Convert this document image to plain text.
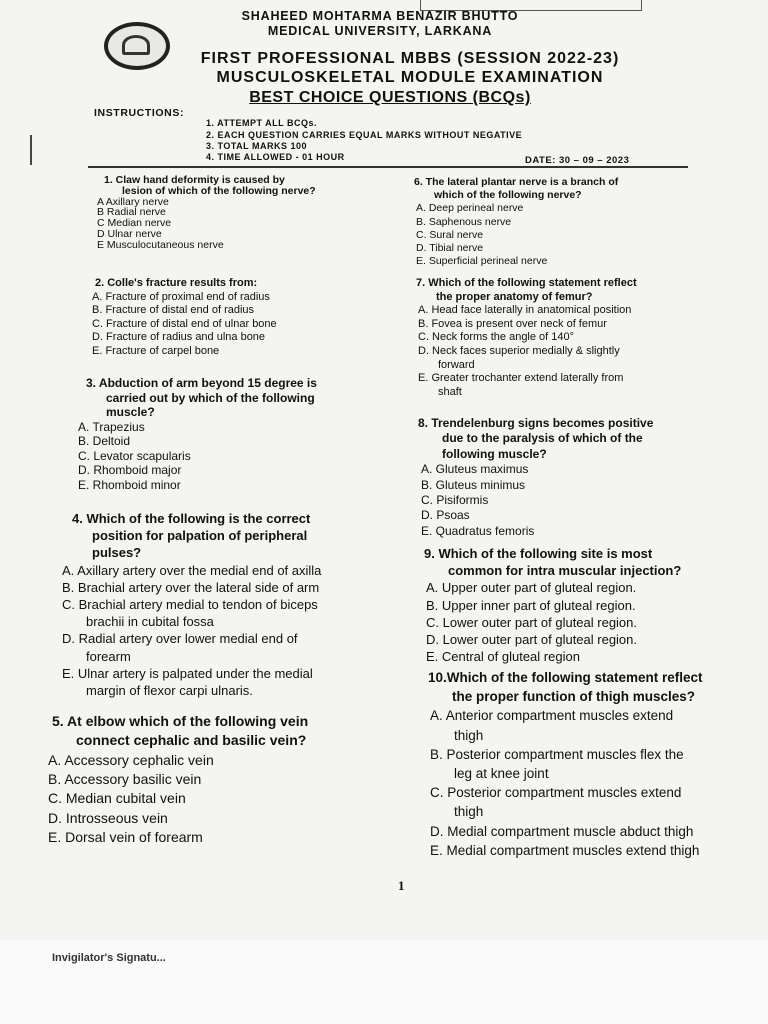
SHAHEED MOHTARMA BENAZIR BHUTTO
MEDICAL UNIVERSITY, LARKANA
FIRST PROFESSIONAL MBBS (SESSION 2022-23)
MUSCULOSKELETAL MODULE EXAMINATION
BEST CHOICE QUESTIONS (BCQs)
INSTRUCTIONS:
1. ATTEMPT ALL BCQs.
2. EACH QUESTION CARRIES EQUAL MARKS WITHOUT NEGATIVE
3. TOTAL MARKS 100
4. TIME ALLOWED - 01 HOUR	DATE: 30 – 09 – 2023
1. Claw hand deformity is caused by
lesion of which of the following nerve?
A Axillary nerve
B Radial nerve
C Median nerve
D Ulnar nerve
E Musculocutaneous nerve
2. Colle's fracture results from:
A. Fracture of proximal end of radius
B. Fracture of distal end of radius
C. Fracture of distal end of ulnar bone
D. Fracture of radius and ulna bone
E. Fracture of carpel bone
3. Abduction of arm beyond 15 degree is
carried out by which of the following
muscle?
A. Trapezius
B. Deltoid
C. Levator scapularis
D. Rhomboid major
E. Rhomboid minor
4. Which of the following is the correct
position for palpation of peripheral
pulses?
A. Axillary artery over the medial end of axilla
B. Brachial artery over the lateral side of arm
C. Brachial artery medial to tendon of biceps
brachii in cubital fossa
D. Radial artery over lower medial end of
forearm
E. Ulnar artery is palpated under the medial
margin of flexor carpi ulnaris.
5. At elbow which of the following vein
connect cephalic and basilic vein?
A. Accessory cephalic vein
B. Accessory basilic vein
C. Median cubital vein
D. Introsseous vein
E. Dorsal vein of forearm
6. The lateral plantar nerve is a branch of
which of the following nerve?
A. Deep perineal nerve
B. Saphenous nerve
C. Sural nerve
D. Tibial nerve
E. Superficial perineal nerve
7. Which of the following statement reflect
the proper anatomy of femur?
A. Head face laterally in anatomical position
B. Fovea is present over neck of femur
C. Neck forms the angle of 140°
D. Neck faces superior medially & slightly
forward
E. Greater trochanter extend laterally from
shaft
8. Trendelenburg signs becomes positive
due to the paralysis of which of the
following muscle?
A. Gluteus maximus
B. Gluteus minimus
C. Pisiformis
D. Psoas
E. Quadratus femoris
9. Which of the following site is most
common for intra muscular injection?
A. Upper outer part of gluteal region.
B. Upper inner part of gluteal region.
C. Lower outer part of gluteal region.
D. Lower outer part of gluteal region.
E. Central of gluteal region
10.Which of the following statement reflect
the proper function of thigh muscles?
A. Anterior compartment muscles extend
thigh
B. Posterior compartment muscles flex the
leg at knee joint
C. Posterior compartment muscles extend
thigh
D. Medial compartment muscle abduct thigh
E. Medial compartment muscles extend thigh
1
Invigilator's Signatu...
